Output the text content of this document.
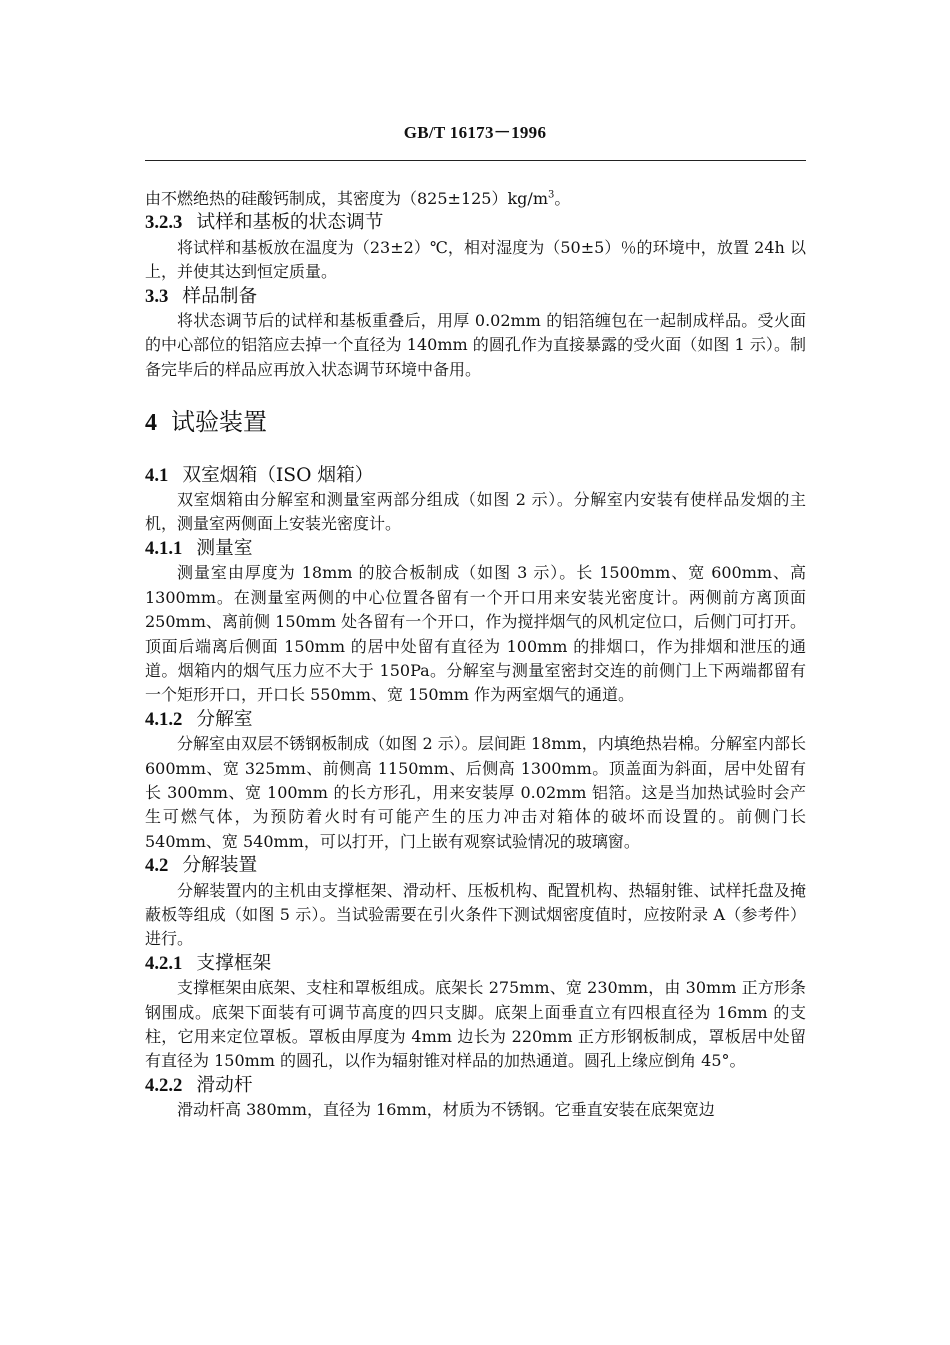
GB/T 16173－1996

由不燃绝热的硅酸钙制成，其密度为$(825\pm 125)kg/m^3$。

3.2.3 试样和基板的状态调节

将试样和基板放在温度为（23±2）℃，相对湿度为（50±5）％的环境中，放置 24h 以上，并使其达到恒定质量。

3.3 样品制备

将状态调节后的试样和基板重叠后，用厚 0.02mm 的铝箔缠包在一起制成样品。受火面的中心部位的铝箔应去掉一个直径为 140mm 的圆孔作为直接暴露的受火面（如图 1 示）。制备完毕后的样品应再放入状态调节环境中备用。

4 试验装置
4.1 双室烟箱（ISO 烟箱）

双室烟箱由分解室和测量室两部分组成（如图 2 示）。分解室内安装有使样品发烟的主机，测量室两侧面上安装光密度计。

4.1.1 测量室

测量室由厚度为 18mm 的胶合板制成（如图 3 示）。长 1500mm、宽 600mm、高 1300mm。在测量室两侧的中心位置各留有一个开口用来安装光密度计。两侧前方离顶面 250mm、离前侧 150mm 处各留有一个开口，作为搅拌烟气的风机定位口，后侧门可打开。顶面后端离后侧面 150mm 的居中处留有直径为 100mm 的排烟口，作为排烟和泄压的通道。烟箱内的烟气压力应不大于 150Pa。分解室与测量室密封交连的前侧门上下两端都留有一个矩形开口，开口长 550mm、宽 150mm 作为两室烟气的通道。

4.1.2 分解室

分解室由双层不锈钢板制成（如图 2 示）。层间距 18mm，内填绝热岩棉。分解室内部长 600mm、宽 325mm、前侧高 1150mm、后侧高 1300mm。顶盖面为斜面，居中处留有长 300mm、宽 100mm 的长方形孔，用来安装厚 0.02mm 铝箔。这是当加热试验时会产生可燃气体，为预防着火时有可能产生的压力冲击对箱体的破坏而设置的。前侧门长 540mm、宽 540mm，可以打开，门上嵌有观察试验情况的玻璃窗。

4.2 分解装置

分解装置内的主机由支撑框架、滑动杆、压板机构、配置机构、热辐射锥、试样托盘及掩蔽板等组成（如图 5 示）。当试验需要在引火条件下测试烟密度值时，应按附录 A（参考件）进行。

4.2.1 支撑框架

支撑框架由底架、支柱和罩板组成。底架长 275mm、宽 230mm，由 30mm 正方形条钢围成。底架下面装有可调节高度的四只支脚。底架上面垂直立有四根直径为 16mm 的支柱，它用来定位罩板。罩板由厚度为 4mm 边长为 220mm 正方形钢板制成，罩板居中处留有直径为 150mm 的圆孔，以作为辐射锥对样品的加热通道。圆孔上缘应倒角 45°。

4.2.2 滑动杆

滑动杆高 380mm，直径为 16mm，材质为不锈钢。它垂直安装在底架宽边
